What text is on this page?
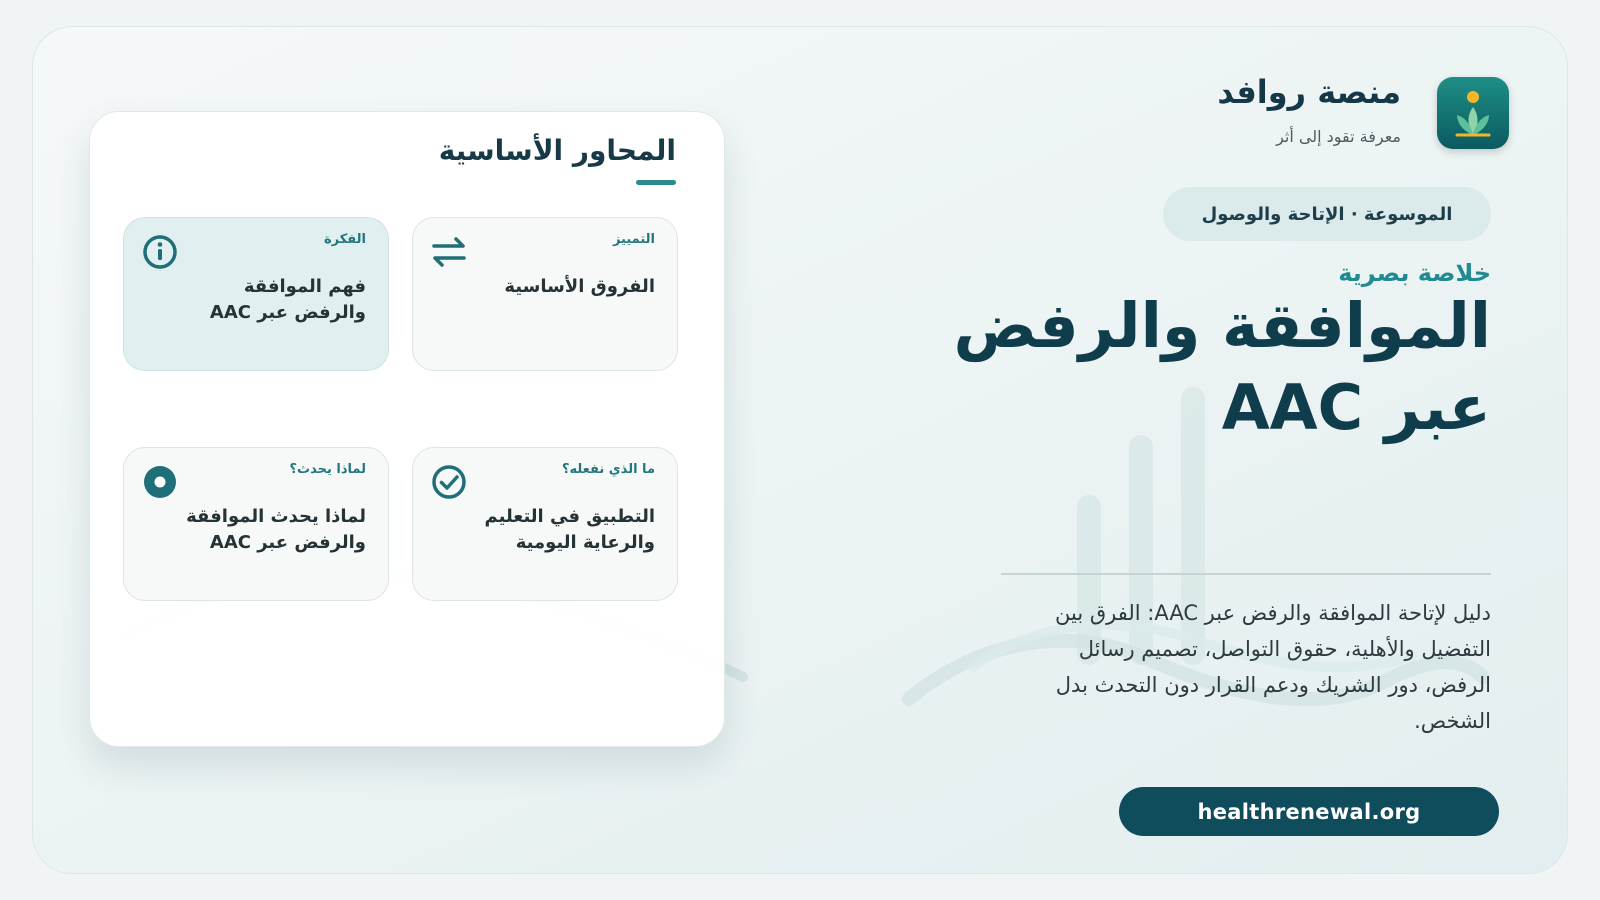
منصة روافد
معرفة تقود إلى أثر
الموسوعة · الإتاحة والوصول
خلاصة بصرية
الموافقة والرفض عبر AAC
دليل لإتاحة الموافقة والرفض عبر AAC: الفرق بين التفضيل والأهلية، حقوق التواصل، تصميم رسائل الرفض، دور الشريك ودعم القرار دون التحدث بدل الشخص.
healthrenewal.org
المحاور الأساسية
الفكرة
فهم الموافقة والرفض عبر AAC
التمييز
الفروق الأساسية
لماذا يحدث؟
لماذا يحدث الموافقة والرفض عبر AAC
ما الذي نفعله؟
التطبيق في التعليم والرعاية اليومية
